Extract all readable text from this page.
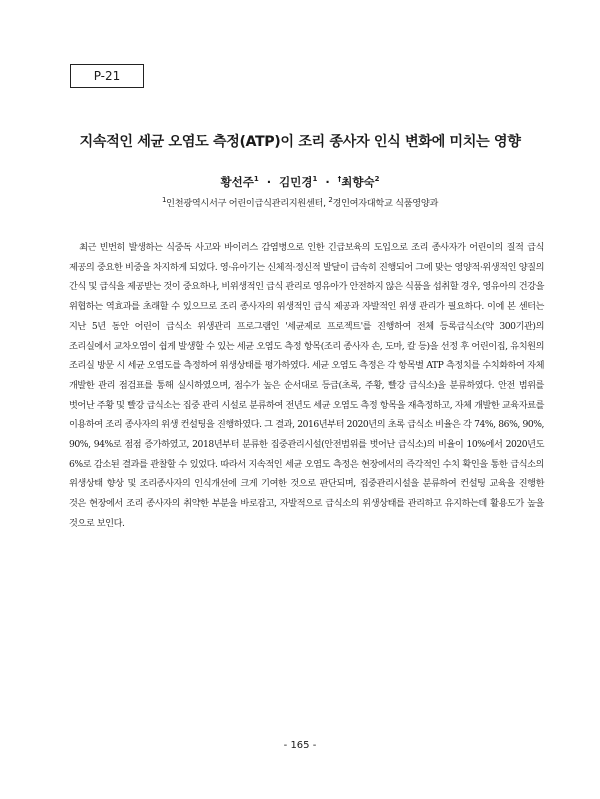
P-21
지속적인 세균 오염도 측정(ATP)이 조리 종사자 인식 변화에 미치는 영향
황선주$^1$ · 김민경$^1$ · †최향숙$^2$
$^1$인천광역시서구 어린이급식관리지원센터, $^2$경인여자대학교 식품영양과

최근 빈번히 발생하는 식중독 사고와 바이러스 감염병으로 인한 긴급보육의 도입으로 조리 종사자가 어린이의 질적 급식 제공의 중요한 비중을 차지하게 되었다. 영·유아기는 신체적·정신적 발달이 급속히 진행되어 그에 맞는 영양적·위생적인 양질의 간식 및 급식을 제공받는 것이 중요하나, 비위생적인 급식 관리로 영유아가 안전하지 않은 식품을 섭취할 경우, 영유아의 건강을 위협하는 역효과를 초래할 수 있으므로 조리 종사자의 위생적인 급식 제공과 자발적인 위생 관리가 필요하다. 이에 본 센터는 지난 5년 동안 어린이 급식소 위생관리 프로그램인 '세균제로 프로젝트'를 진행하여 전체 등록급식소(약 300기관)의 조리실에서 교차오염이 쉽게 발생할 수 있는 세균 오염도 측정 항목(조리 종사자 손, 도마, 칼 등)을 선정 후 어린이집, 유치원의 조리실 방문 시 세균 오염도를 측정하여 위생상태를 평가하였다. 세균 오염도 측정은 각 항목별 ATP 측정치를 수치화하여 자체 개발한 관리 점검표를 통해 실시하였으며, 점수가 높은 순서대로 등급(초록, 주황, 빨강 급식소)을 분류하였다. 안전 범위를 벗어난 주황 및 빨강 급식소는 집중 관리 시설로 분류하여 전년도 세균 오염도 측정 항목을 재측정하고, 자체 개발한 교육자료를 이용하여 조리 종사자의 위생 컨설팅을 진행하였다. 그 결과, 2016년부터 2020년의 초록 급식소 비율은 각 74%, 86%, 90%, 90%, 94%로 점점 증가하였고, 2018년부터 분류한 집중관리시설(안전범위를 벗어난 급식소)의 비율이 10%에서 2020년도 6%로 감소된 결과를 관찰할 수 있었다. 따라서 지속적인 세균 오염도 측정은 현장에서의 즉각적인 수치 확인을 통한 급식소의 위생상태 향상 및 조리종사자의 인식개선에 크게 기여한 것으로 판단되며, 집중관리시설을 분류하여 컨설팅 교육을 진행한 것은 현장에서 조리 종사자의 취약한 부분을 바로잡고, 자발적으로 급식소의 위생상태를 관리하고 유지하는데 활용도가 높을 것으로 보인다.

- 165 -
